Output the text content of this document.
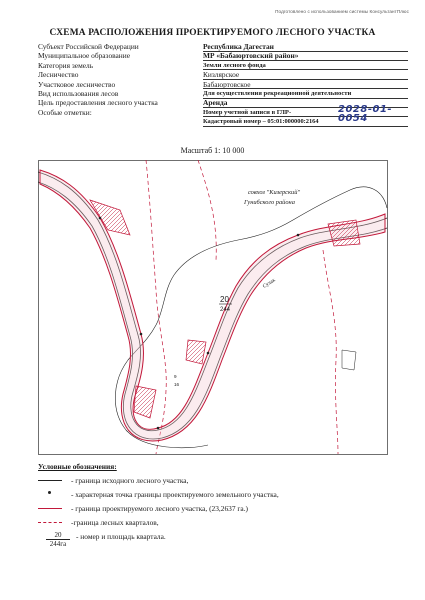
Подготовлено с использованием системы КонсультантПлюс
СХЕМА РАСПОЛОЖЕНИЯ ПРОЕКТИРУЕМОГО ЛЕСНОГО УЧАСТКА
Субъект Российской Федерации	Республика Дагестан
Муниципальное образование	МР «Бабаюртовский район»
Категория земель	Земли лесного фонда
Лесничество	Кизлярское
Участковое лесничество	Бабаюртовское
Вид использования лесов	Для осуществления рекреационной деятельности
Цель предоставления лесного участка	Аренда
Особые отметки:	Номер учетной записи в ГЛР-	2028-01-0054
Кадастровый номер – 05:01:000000:2164
Масштаб 1: 10 000
совхоз "Кизерский"
Гунибского района
20
244
Сулак
9
16
Условные обозначения:
- граница исходного лесного участка,
- характерная точка границы проектируемого земельного участка,
- граница проектируемого лесного участка, (23,2637 га.)
-граница лесных кварталов,
20
244га
- номер и площадь квартала.
